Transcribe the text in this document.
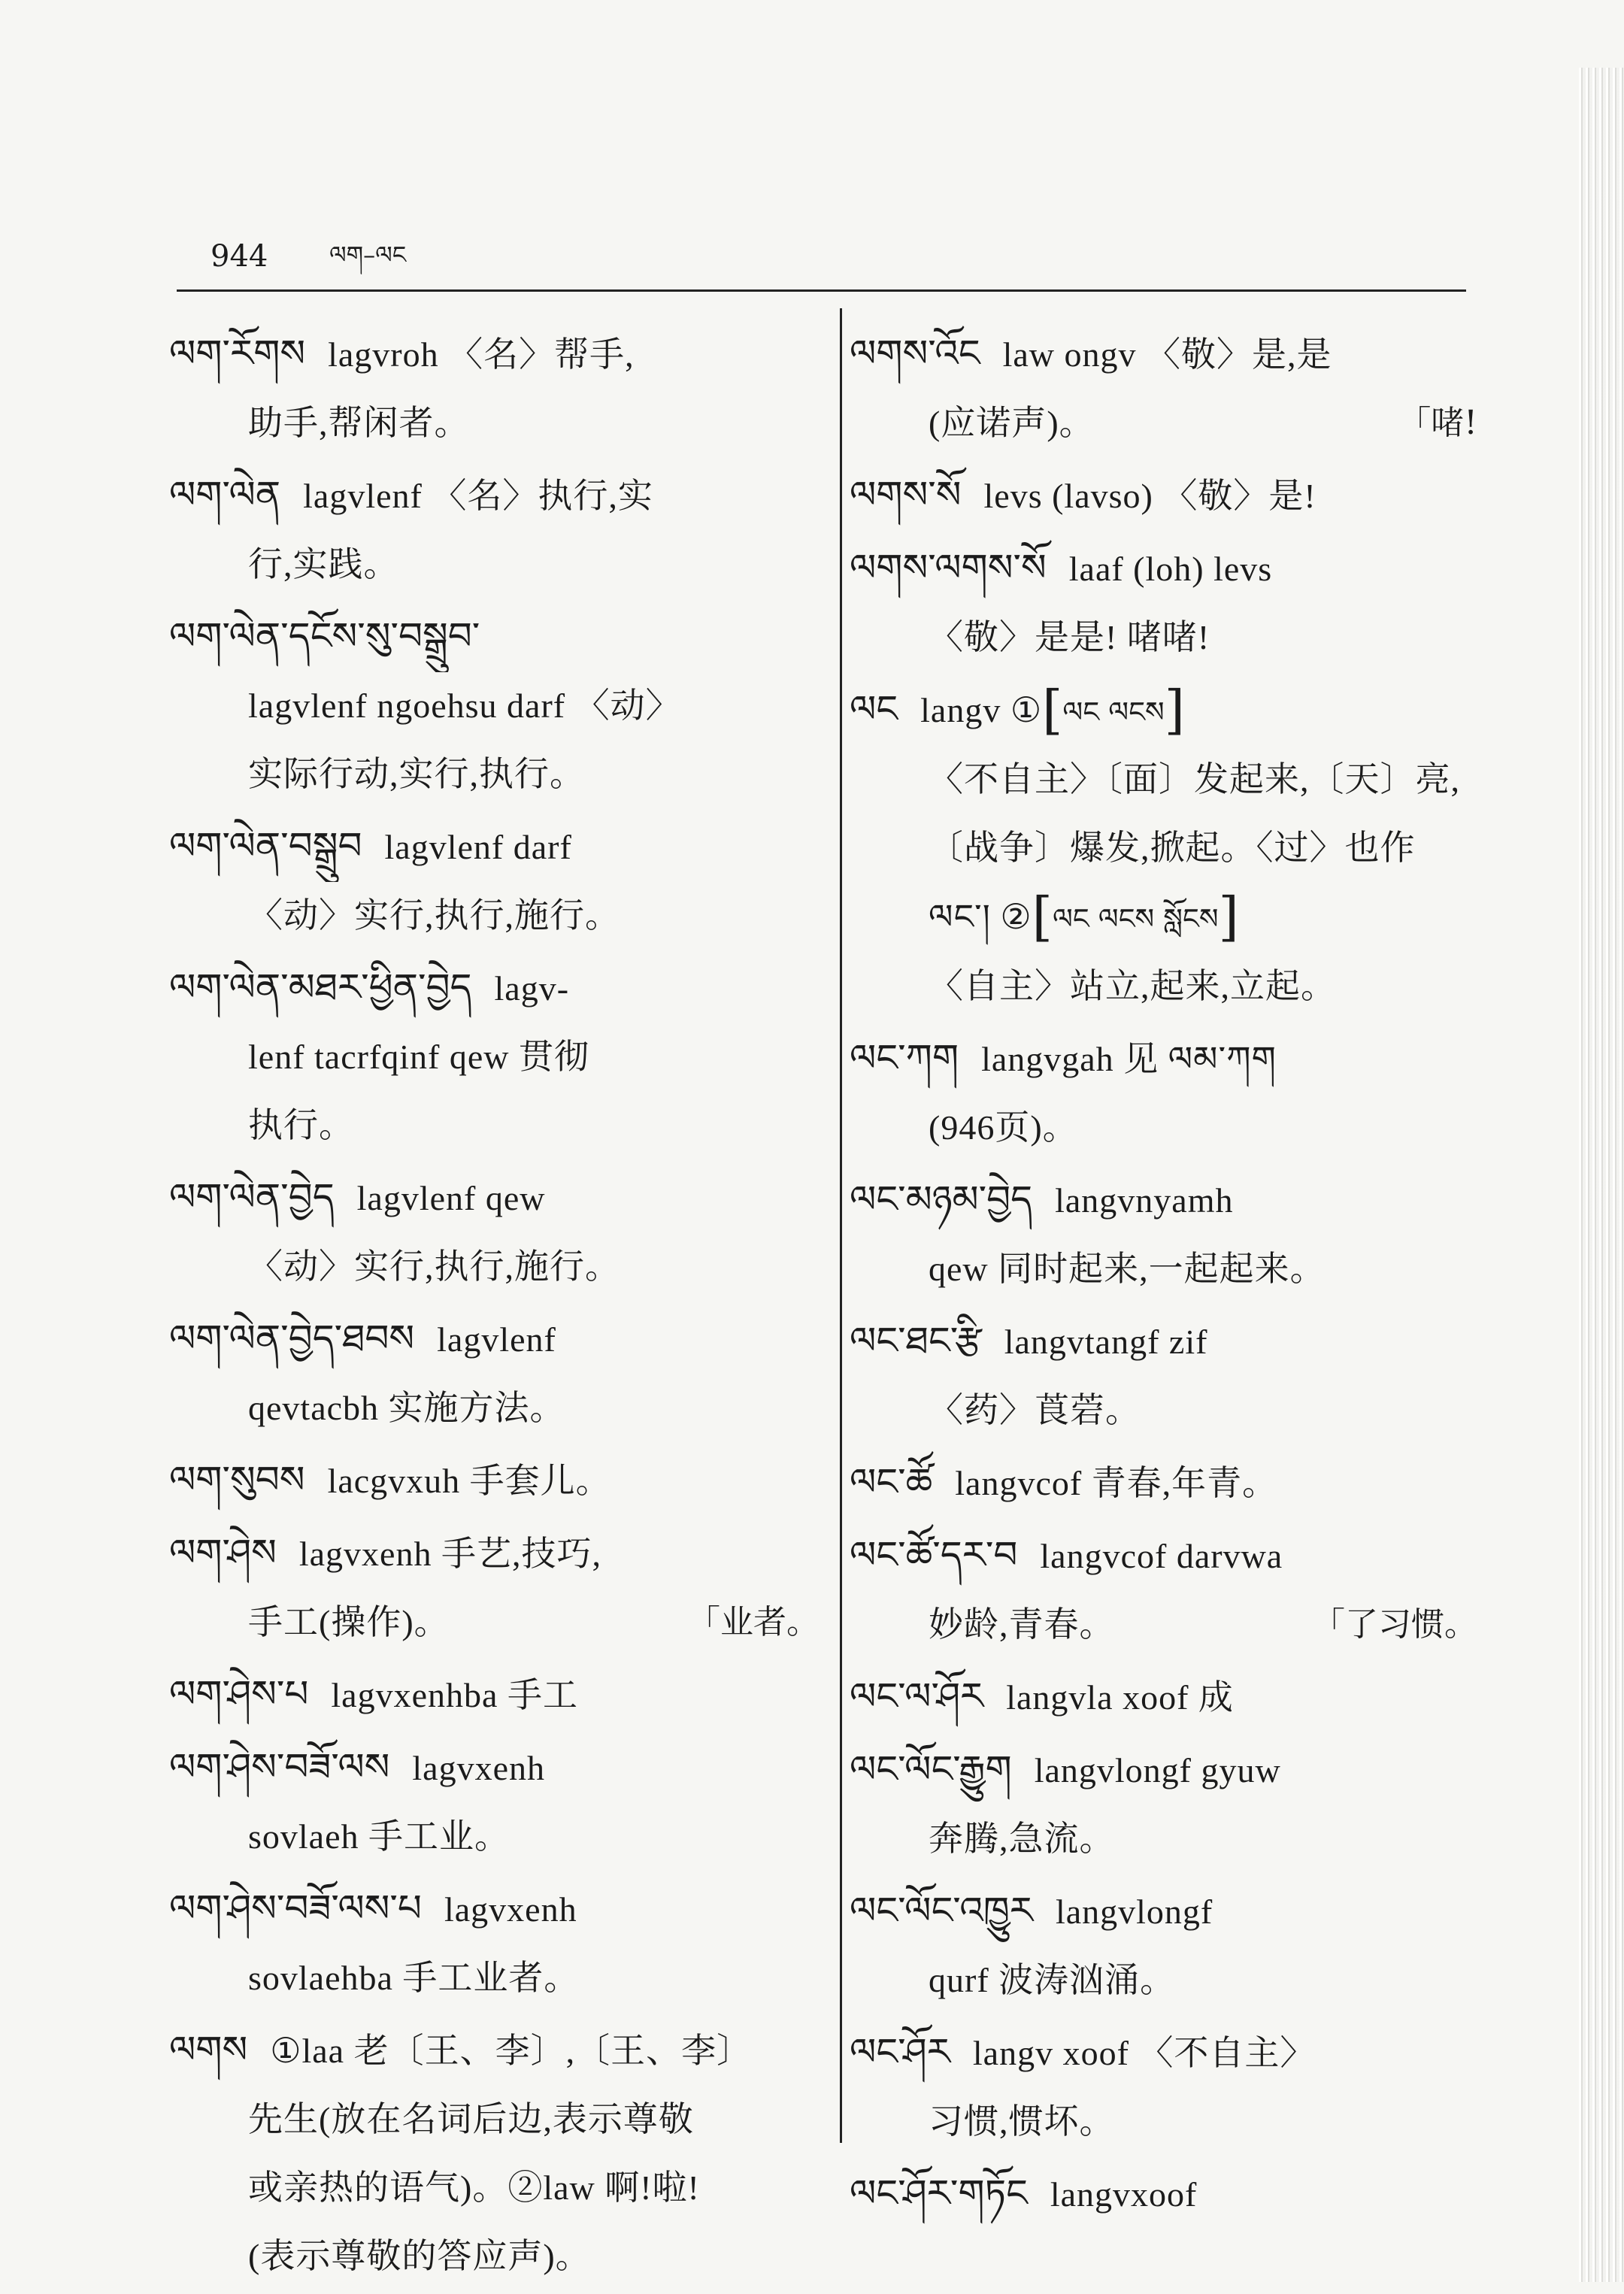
944	ལག–ལང
ལག་རོགས lagvroh 〈名〉帮手,
助手,帮闲者。
ལག་ལེན lagvlenf 〈名〉执行,实
行,实践。
ལག་ལེན་དངོས་སུ་བསྒྲུབ་
lagvlenf ngoehsu darf 〈动〉
实际行动,实行,执行。
ལག་ལེན་བསྒྲུབ lagvlenf darf
〈动〉实行,执行,施行。
ལག་ལེན་མཐར་ཕྱིན་བྱེད lagv-
lenf tacrfqinf qew 贯彻
执行。
ལག་ལེན་བྱེད lagvlenf qew
〈动〉实行,执行,施行。
ལག་ལེན་བྱེད་ཐབས lagvlenf
qevtacbh 实施方法。
ལག་སུབས lacgvxuh 手套儿。
ལག་ཤེས lagvxenh 手艺,技巧,
手工(操作)。	「业者。
ལག་ཤེས་པ lagvxenhba 手工
ལག་ཤེས་བཟོ་ལས lagvxenh
sovlaeh 手工业。
ལག་ཤེས་བཟོ་ལས་པ lagvxenh
sovlaehba 手工业者。
ལགས ①laa 老〔王、李〕,〔王、李〕
先生(放在名词后边,表示尊敬
或亲热的语气)。②law 啊!啦!
(表示尊敬的答应声)。
ལགས་འོང law ongv 〈敬〉是,是
(应诺声)。	「啫!
ལགས་སོ levs (lavso) 〈敬〉是!
ལགས་ལགས་སོ laaf (loh) levs
〈敬〉是是! 啫啫!
ལང langv ①[ལང ལངས]
〈不自主〉〔面〕发起来,〔天〕亮,
〔战争〕爆发,掀起。〈过〉也作
ལང་། ②[ལང ལངས སློངས]
〈自主〉站立,起来,立起。
ལང་ཀག langvgah 见 ལམ་ཀག
(946页)。
ལང་མཉམ་བྱེད langvnyamh
qew 同时起来,一起起来。
ལང་ཐང་རྩི langvtangf zif
〈药〉莨菪。
ལང་ཚོ langvcof 青春,年青。
ལང་ཚོ་དར་བ langvcof darvwa
妙龄,青春。	「了习惯。
ལང་ལ་ཤོར langvla xoof 成
ལང་ལོང་རྒྱུག langvlongf gyuw
奔腾,急流。
ལང་ལོང་འཁྱུར langvlongf
qurf 波涛汹涌。
ལང་ཤོར langv xoof 〈不自主〉
习惯,惯坏。
ལང་ཤོར་གཏོང langvxoof
